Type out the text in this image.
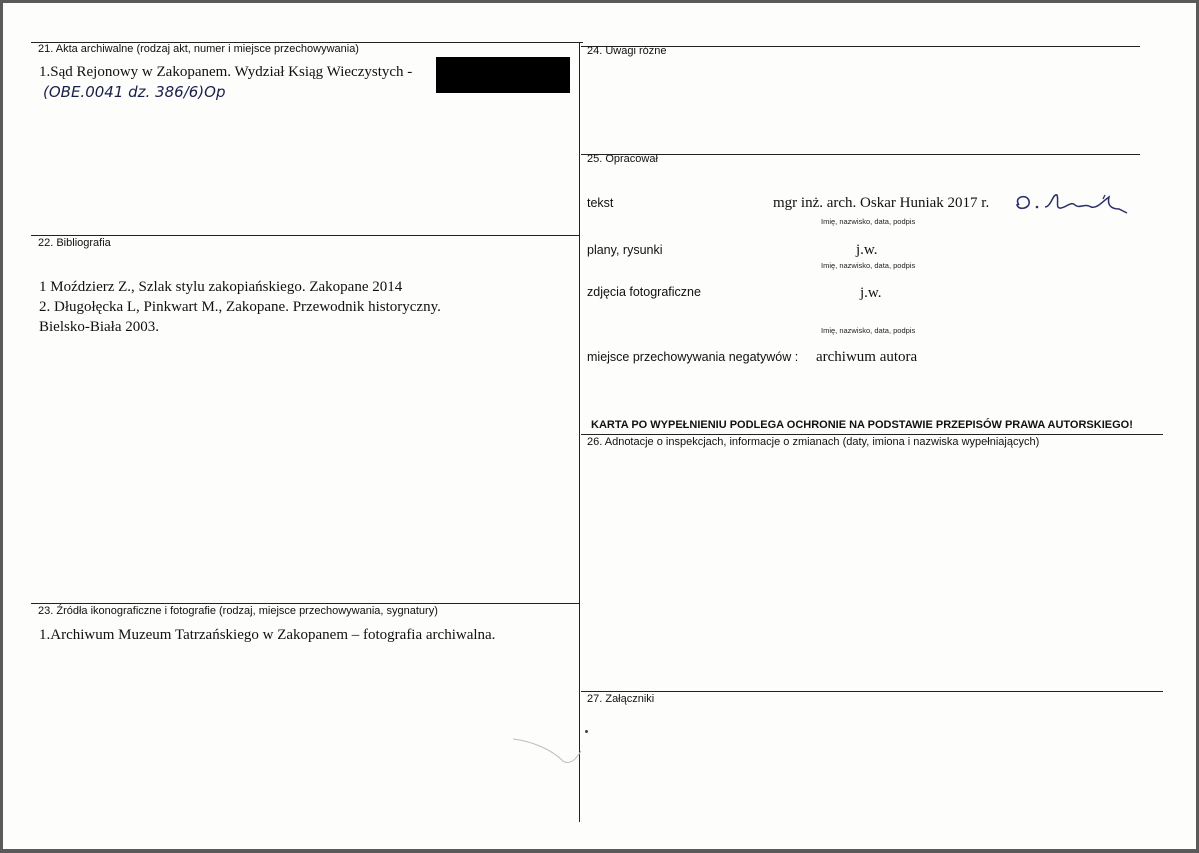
21. Akta archiwalne (rodzaj akt, numer i miejsce przechowywania)
1.Sąd Rejonowy w Zakopanem. Wydział Ksiąg Wieczystych -
(OBE.0041 dz. 386/6)Op
22. Bibliografia
1 Moździerz Z., Szlak stylu zakopiańskiego. Zakopane 2014
2. Długołęcka L, Pinkwart M., Zakopane. Przewodnik historyczny.
Bielsko-Biała 2003.
23. Źródła ikonograficzne i fotografie (rodzaj, miejsce przechowywania, sygnatury)
1.Archiwum Muzeum Tatrzańskiego w Zakopanem – fotografia archiwalna.
24. Uwagi różne
25. Opracował
tekst	mgr inż. arch. Oskar Huniak 2017 r.
Imię, nazwisko, data, podpis
plany, rysunki	j.w.
Imię, nazwisko, data, podpis
zdjęcia fotograficzne	j.w.
Imię, nazwisko, data, podpis
miejsce przechowywania negatywów : archiwum autora
KARTA PO WYPEŁNIENIU PODLEGA OCHRONIE NA PODSTAWIE PRZEPISÓW PRAWA AUTORSKIEGO!
26. Adnotacje o inspekcjach, informacje o zmianach (daty, imiona i nazwiska wypełniających)
27. Załączniki
